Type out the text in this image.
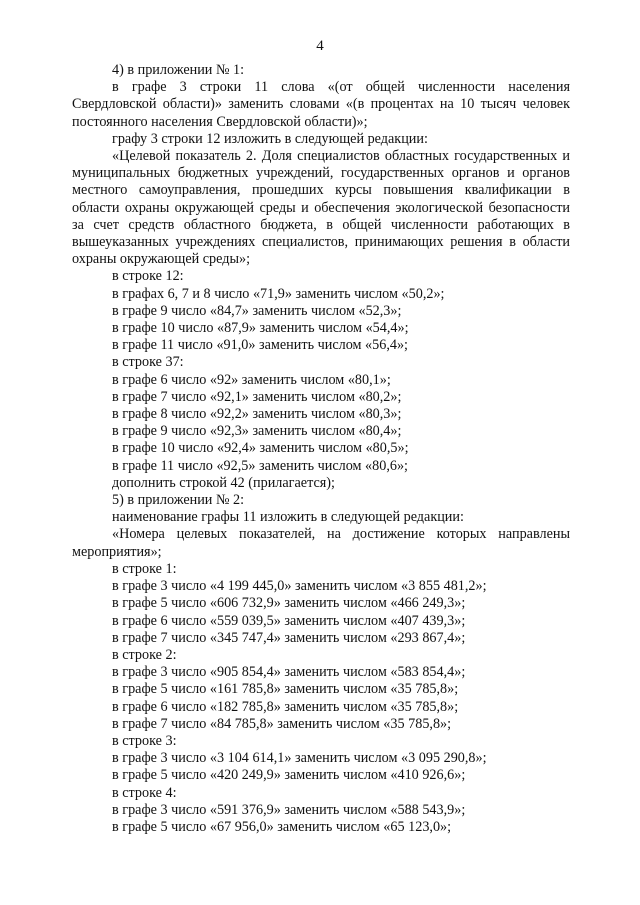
4

4) в приложении № 1:

в графе 3 строки 11 слова «(от общей численности населения Свердловской области)» заменить словами «(в процентах на 10 тысяч человек постоянного населения Свердловской области)»;

графу 3 строки 12 изложить в следующей редакции:

«Целевой показатель 2. Доля специалистов областных государственных и муниципальных бюджетных учреждений, государственных органов и органов местного самоуправления, прошедших курсы повышения квалификации в области охраны окружающей среды и обеспечения экологической безопасности за счет средств областного бюджета, в общей численности работающих в вышеуказанных учреждениях специалистов, принимающих решения в области охраны окружающей среды»;

в строке 12:

в графах 6, 7 и 8 число «71,9» заменить числом «50,2»;

в графе 9 число «84,7» заменить числом «52,3»;

в графе 10 число «87,9» заменить числом «54,4»;

в графе 11 число «91,0» заменить числом «56,4»;

в строке 37:

в графе 6 число «92» заменить числом «80,1»;

в графе 7 число «92,1» заменить числом «80,2»;

в графе 8 число «92,2» заменить числом «80,3»;

в графе 9 число «92,3» заменить числом «80,4»;

в графе 10 число «92,4» заменить числом «80,5»;

в графе 11 число «92,5» заменить числом «80,6»;

дополнить строкой 42 (прилагается);

5) в приложении № 2:

наименование графы 11 изложить в следующей редакции:

«Номера целевых показателей, на достижение которых направлены мероприятия»;

в строке 1:

в графе 3 число «4 199 445,0» заменить числом «3 855 481,2»;

в графе 5 число «606 732,9» заменить числом «466 249,3»;

в графе 6 число «559 039,5» заменить числом «407 439,3»;

в графе 7 число «345 747,4» заменить числом «293 867,4»;

в строке 2:

в графе 3 число «905 854,4» заменить числом «583 854,4»;

в графе 5 число «161 785,8» заменить числом «35 785,8»;

в графе 6 число «182 785,8» заменить числом «35 785,8»;

в графе 7 число «84 785,8» заменить числом «35 785,8»;

в строке 3:

в графе 3 число «3 104 614,1» заменить числом «3 095 290,8»;

в графе 5 число «420 249,9» заменить числом «410 926,6»;

в строке 4:

в графе 3 число «591 376,9» заменить числом «588 543,9»;

в графе 5 число «67 956,0» заменить числом «65 123,0»;
